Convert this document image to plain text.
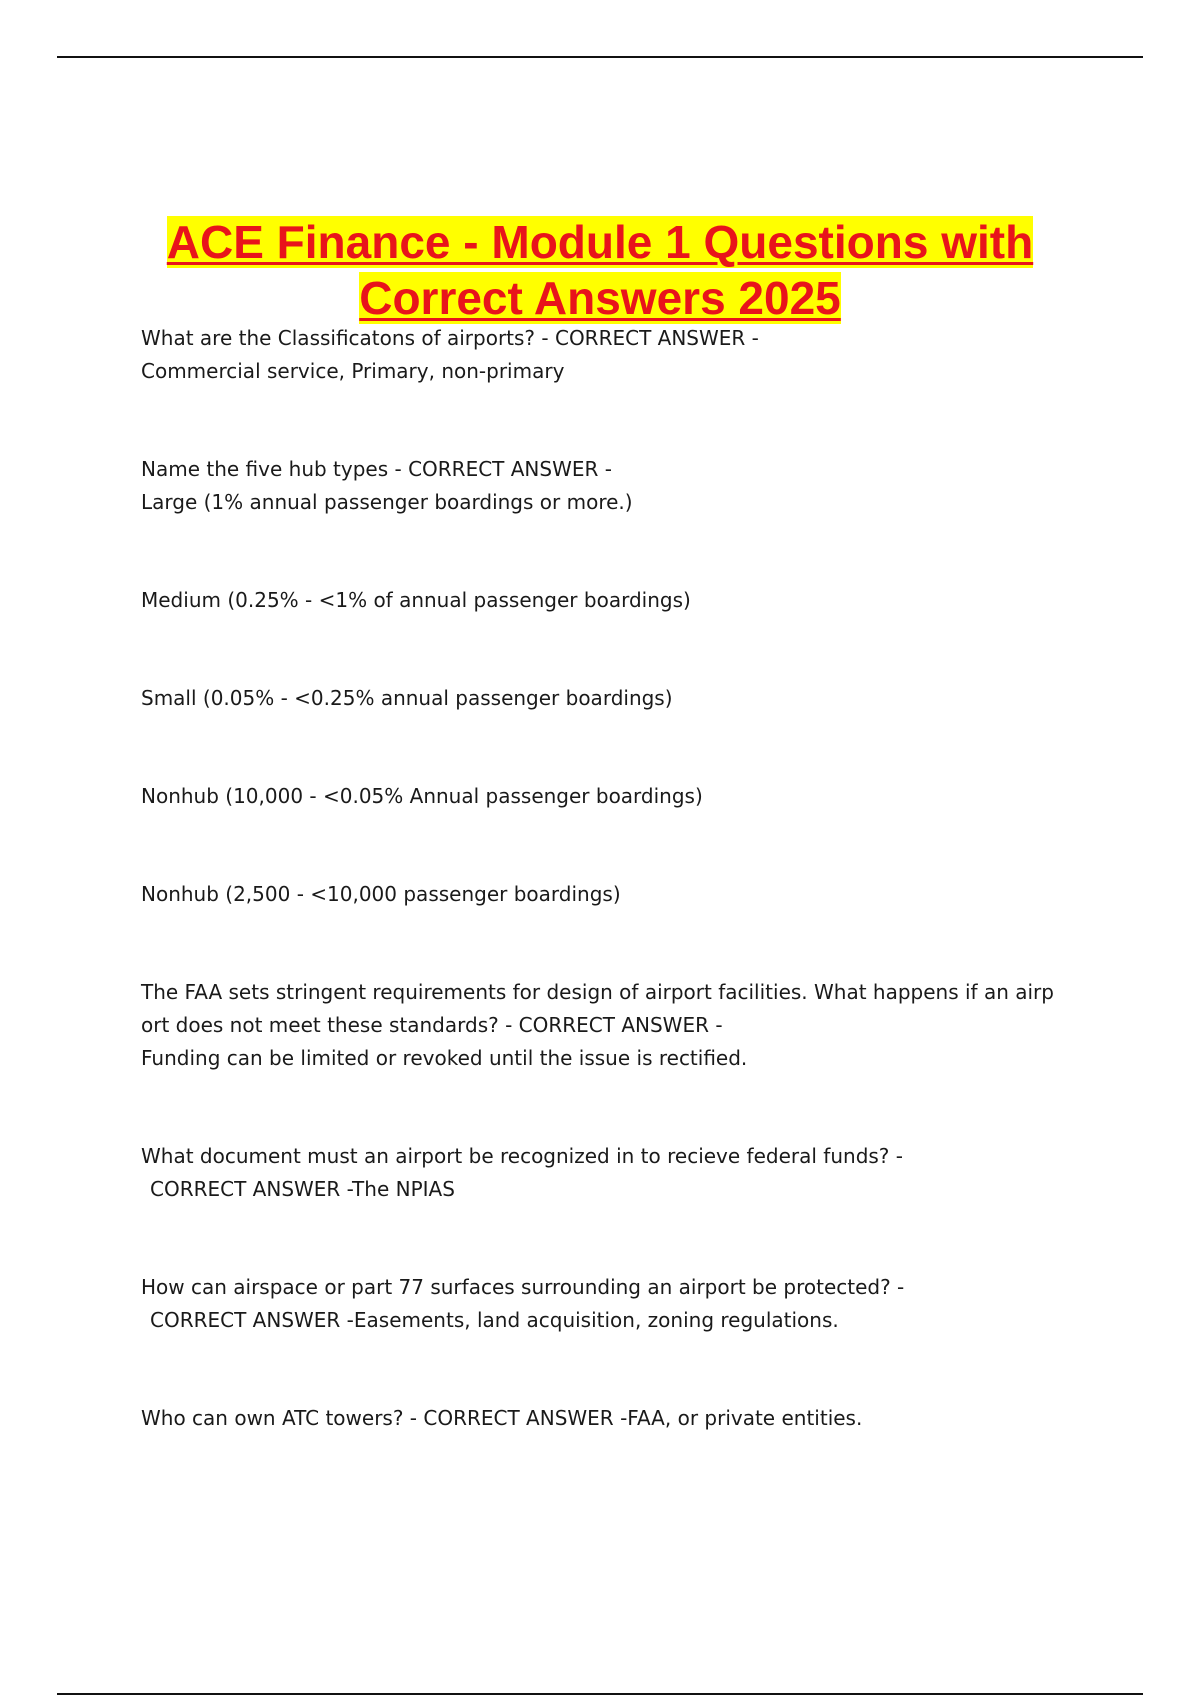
ACE Finance - Module 1 Questions with
Correct Answers 2025
What are the Classificatons of airports? - CORRECT ANSWER -
Commercial service, Primary, non-primary
Name the five hub types - CORRECT ANSWER -
Large (1% annual passenger boardings or more.)
Medium (0.25% - <1% of annual passenger boardings)
Small (0.05% - <0.25% annual passenger boardings)
Nonhub (10,000 - <0.05% Annual passenger boardings)
Nonhub (2,500 - <10,000 passenger boardings)
The FAA sets stringent requirements for design of airport facilities. What happens if an airp
ort does not meet these standards? - CORRECT ANSWER -
Funding can be limited or revoked until the issue is rectified.
What document must an airport be recognized in to recieve federal funds? -
CORRECT ANSWER -The NPIAS
How can airspace or part 77 surfaces surrounding an airport be protected? -
CORRECT ANSWER -Easements, land acquisition, zoning regulations.
Who can own ATC towers? - CORRECT ANSWER -FAA, or private entities.
